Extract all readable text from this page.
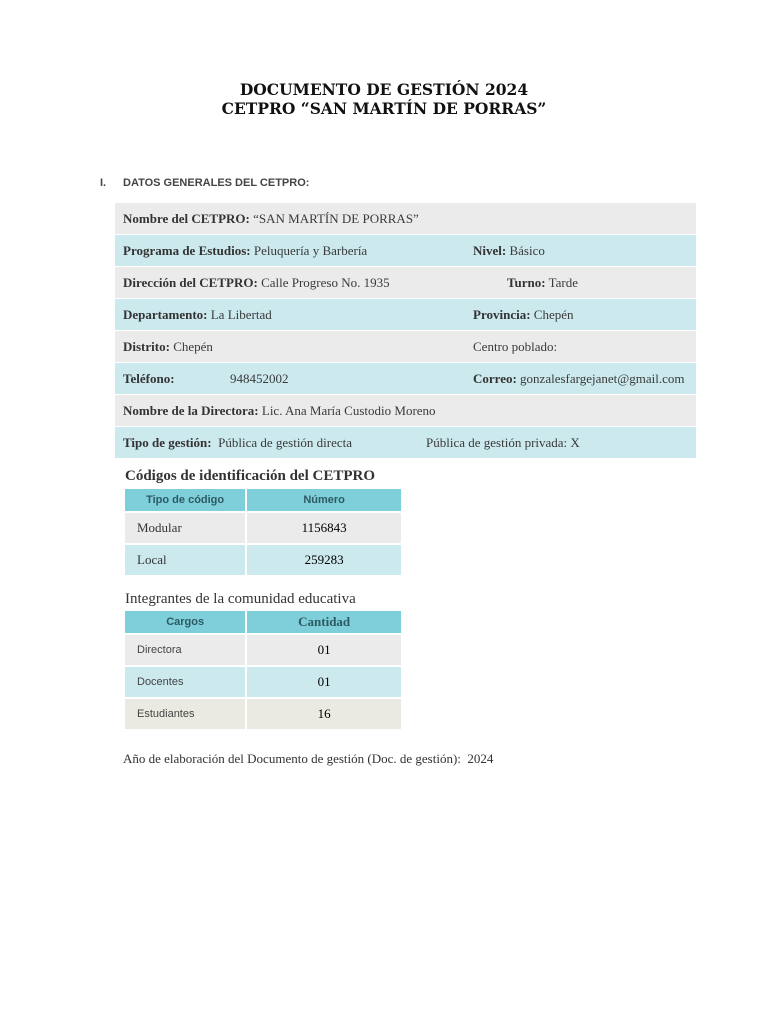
DOCUMENTO DE GESTIÓN 2024
CETPRO “SAN MARTÍN DE PORRAS”
I. DATOS GENERALES DEL CETPRO:
Nombre del CETPRO: “SAN MARTÍN DE PORRAS”
Programa de Estudios: Peluquería y Barbería	Nivel: Básico
Dirección del CETPRO: Calle Progreso No. 1935	Turno: Tarde
Departamento: La Libertad	Provincia: Chepén
Distrito: Chepén	Centro poblado:
Teléfono:	948452002	Correo: gonzalesfargejanet@gmail.com
Nombre de la Directora: Lic. Ana María Custodio Moreno
Tipo de gestión: Pública de gestión directa	Pública de gestión privada: X
Códigos de identificación del CETPRO
Tipo de código	Número
Modular	1156843
Local	259283
Integrantes de la comunidad educativa
Cargos	Cantidad
Directora	01
Docentes	01
Estudiantes	16
Año de elaboración del Documento de gestión (Doc. de gestión): 2024
